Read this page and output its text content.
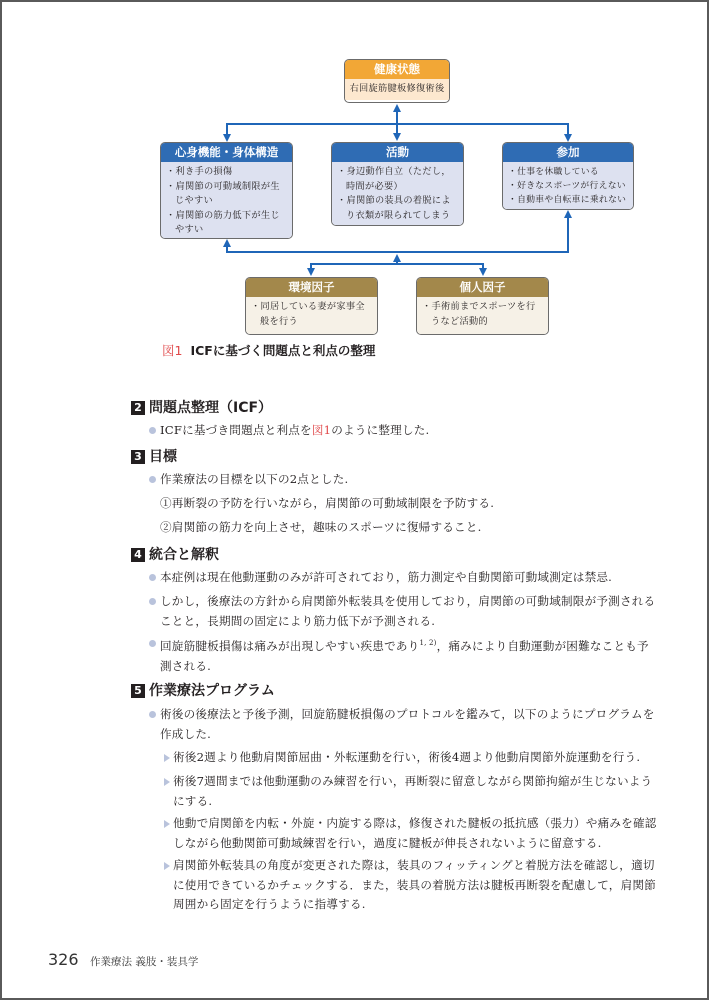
健康状態
右回旋筋腱板修復術後
心身機能・身体構造
・利き手の損傷
・肩関節の可動域制限が生じやすい
・肩関節の筋力低下が生じやすい
活動
・身辺動作自立（ただし，時間が必要）
・肩関節の装具の着脱により衣類が限られてしまう
参加
・仕事を休職している
・好きなスポーツが行えない
・自動車や自転車に乗れない
環境因子
・同居している妻が家事全般を行う
個人因子
・手術前までスポーツを行うなど活動的
図1 ICFに基づく問題点と利点の整理
2 問題点整理（ICF）
ICFに基づき問題点と利点を図1のように整理した.
3 目標
作業療法の目標を以下の2点とした.
①再断裂の予防を行いながら，肩関節の可動域制限を予防する.
②肩関節の筋力を向上させ，趣味のスポーツに復帰すること.
4 統合と解釈
本症例は現在他動運動のみが許可されており，筋力測定や自動関節可動域測定は禁忌.
しかし，後療法の方針から肩関節外転装具を使用しており，肩関節の可動域制限が予測されることと，長期間の固定により筋力低下が予測される.
回旋筋腱板損傷は痛みが出現しやすい疾患であり$^{1, 2)}$，痛みにより自動運動が困難なことも予測される.
5 作業療法プログラム
術後の後療法と予後予測，回旋筋腱板損傷のプロトコルを鑑みて，以下のようにプログラムを作成した.
術後2週より他動肩関節屈曲・外転運動を行い，術後4週より他動肩関節外旋運動を行う.
術後7週間までは他動運動のみ練習を行い，再断裂に留意しながら関節拘縮が生じないようにする.
他動で肩関節を内転・外旋・内旋する際は，修復された腱板の抵抗感（張力）や痛みを確認しながら他動関節可動域練習を行い，過度に腱板が伸長されないように留意する.
肩関節外転装具の角度が変更された際は，装具のフィッティングと着脱方法を確認し，適切に使用できているかチェックする．また，装具の着脱方法は腱板再断裂を配慮して，肩関節周囲から固定を行うように指導する.
326 作業療法 義肢・装具学
